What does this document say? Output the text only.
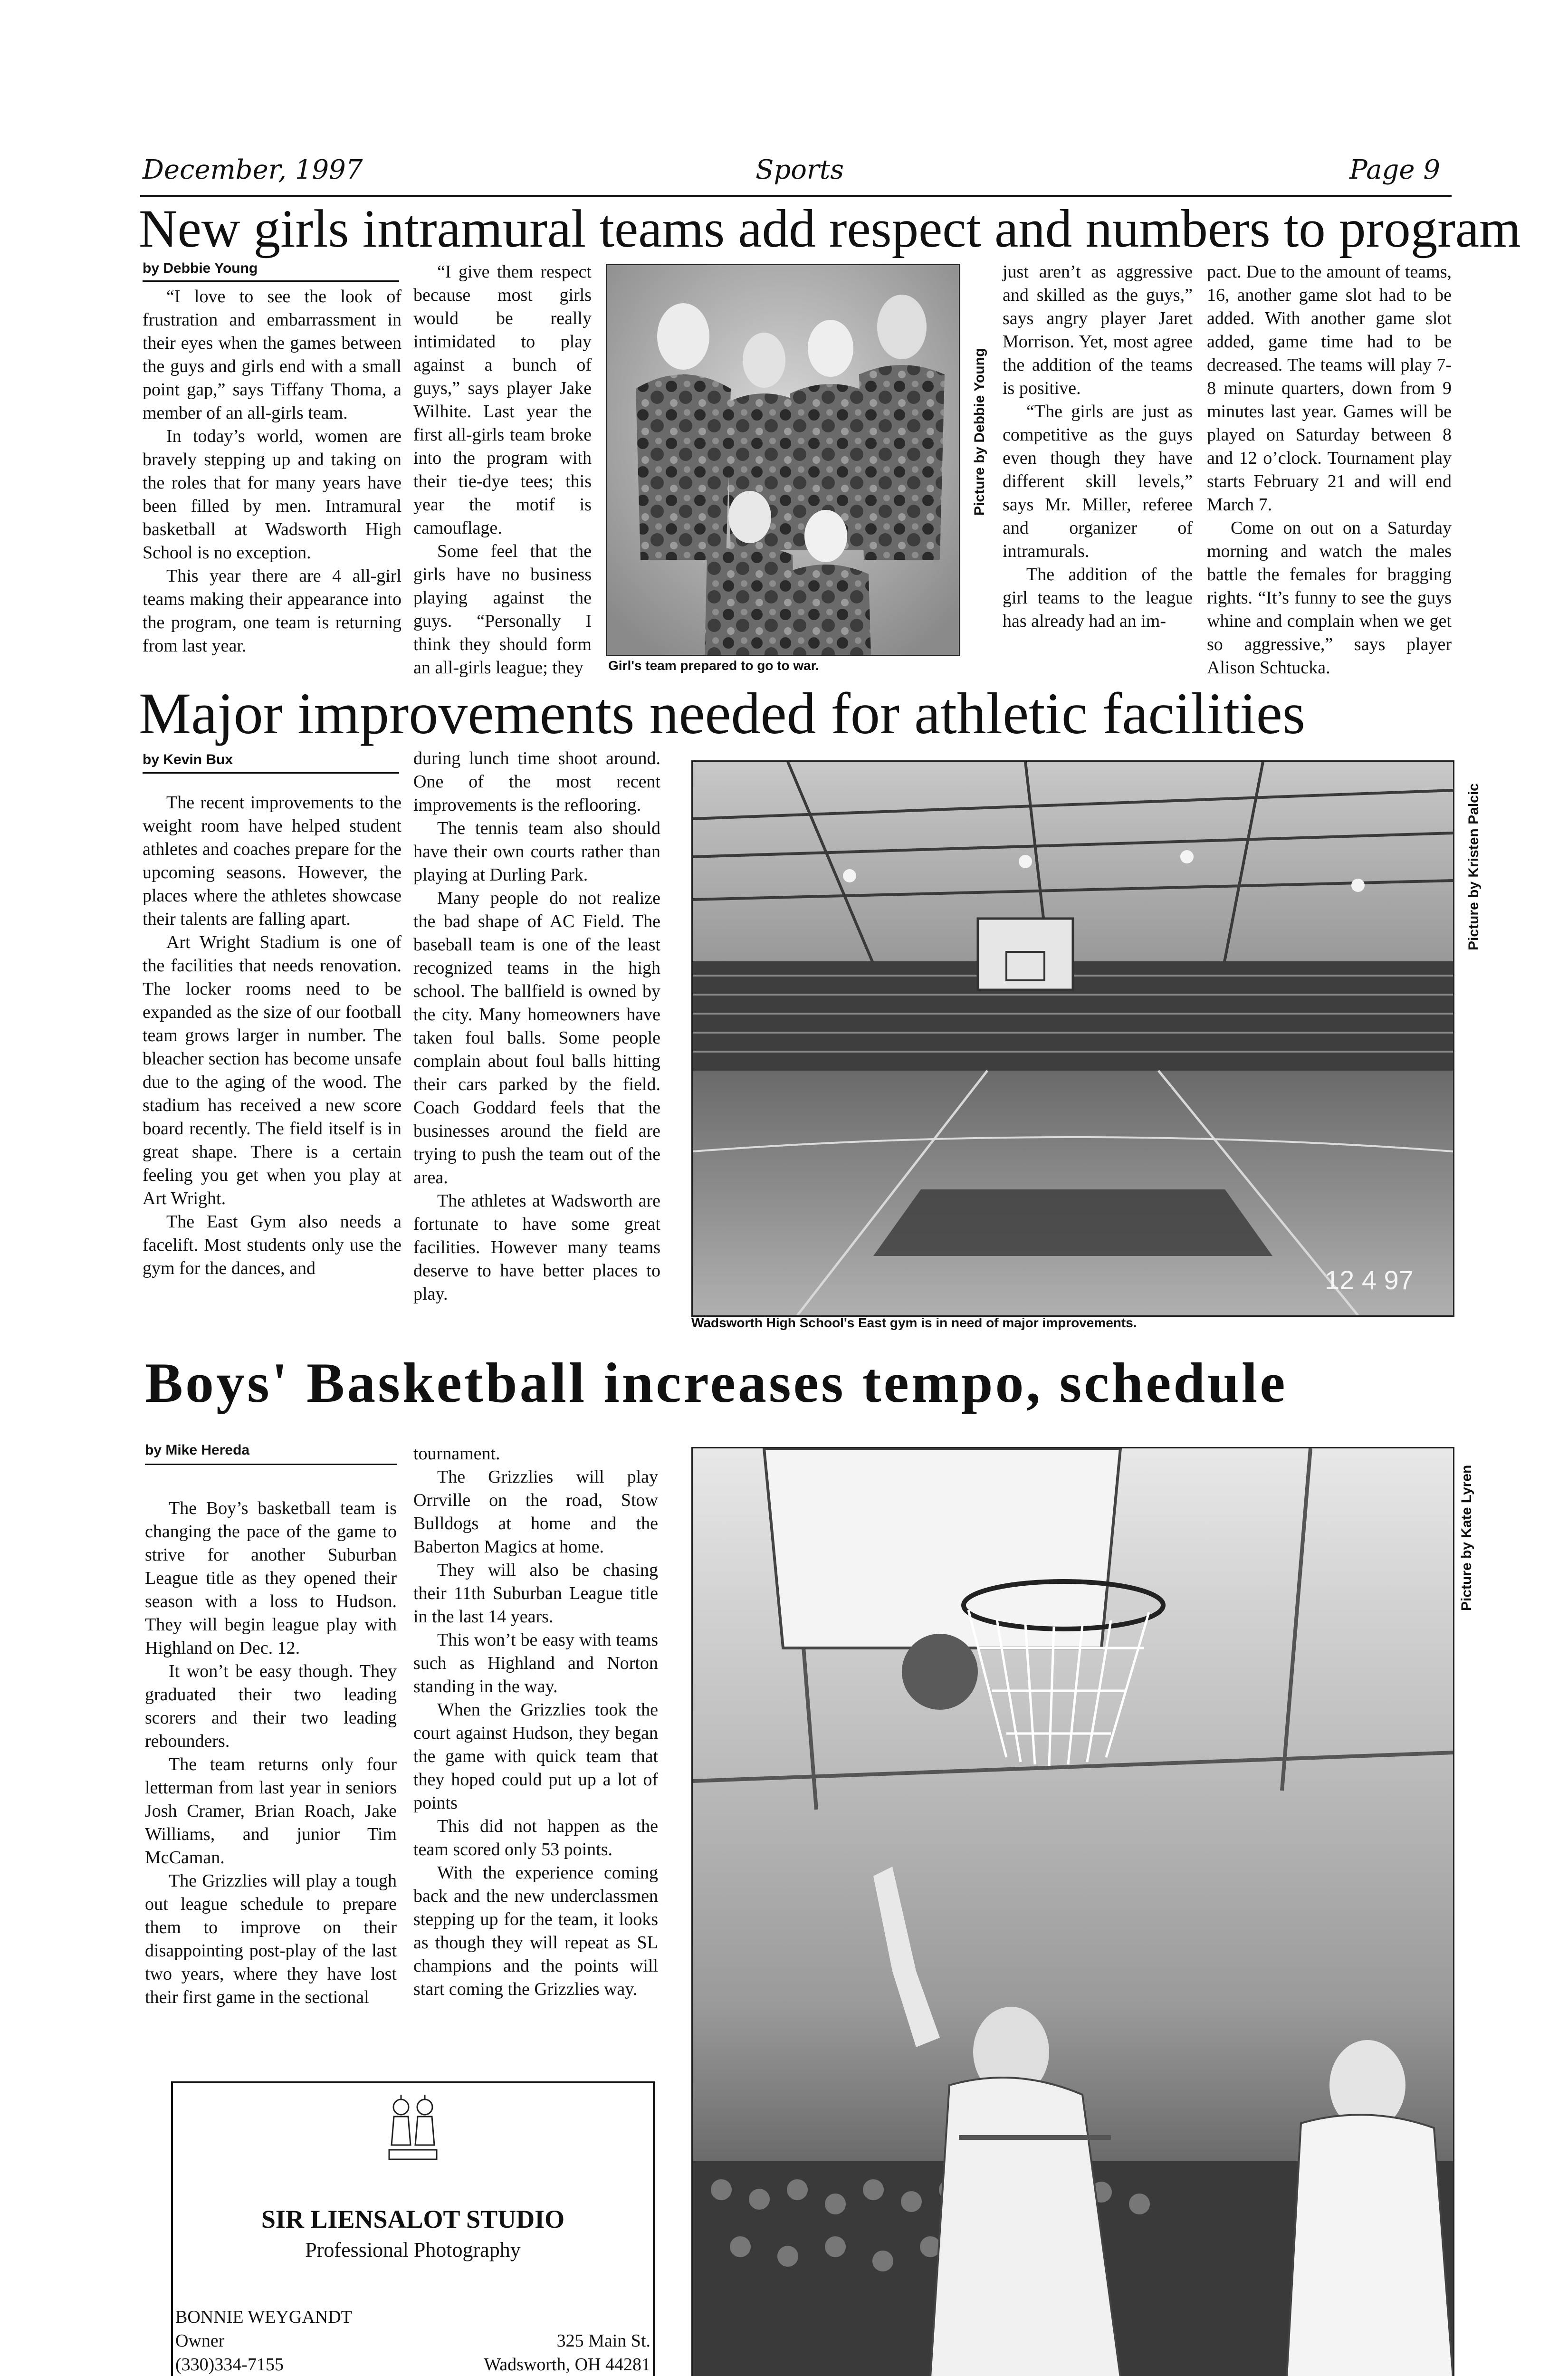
December, 1997	Sports	Page 9
New girls intramural teams add respect and numbers to program
by Debbie Young

“I love to see the look of frustration and embarrassment in their eyes when the games between the guys and girls end with a small point gap,” says Tiffany Thoma, a member of an all-girls team.

In today’s world, women are bravely stepping up and taking on the roles that for many years have been filled by men. Intramural basketball at Wadsworth High School is no exception.

This year there are 4 all-girl teams making their appearance into the program, one team is returning from last year.

“I give them respect because most girls would be really intimidated to play against a bunch of guys,” says player Jake Wilhite. Last year the first all-girls team broke into the program with their tie-dye tees; this year the motif is camouflage.

Some feel that the girls have no business playing against the guys. “Personally I think they should form an all-girls league; they	Girl's team prepared to go to war.
Picture by Debbie Young

just aren’t as aggressive and skilled as the guys,” says angry player Jaret Morrison. Yet, most agree the addition of the teams is positive.

“The girls are just as competitive as the guys even though they have different skill levels,” says Mr. Miller, referee and organizer of intramurals.

The addition of the girl teams to the league has already had an im-

pact. Due to the amount of teams, 16, another game slot had to be added. With another game slot added, game time had to be decreased. The teams will play 7-8 minute quarters, down from 9 minutes last year. Games will be played on Saturday between 8 and 12 o’clock. Tournament play starts February 21 and will end March 7.

Come on out on a Saturday morning and watch the males battle the females for bragging rights. “It’s funny to see the guys whine and complain when we get so aggressive,” says player Alison Schtucka.

Major improvements needed for athletic facilities
by Kevin Bux

The recent improvements to the weight room have helped student athletes and coaches prepare for the upcoming seasons. However, the places where the athletes showcase their talents are falling apart.

Art Wright Stadium is one of the facilities that needs renovation. The locker rooms need to be expanded as the size of our football team grows larger in number. The bleacher section has become unsafe due to the aging of the wood. The stadium has received a new score board recently. The field itself is in great shape. There is a certain feeling you get when you play at Art Wright.

The East Gym also needs a facelift. Most students only use the gym for the dances, and

during lunch time shoot around. One of the most recent improvements is the reflooring.

The tennis team also should have their own courts rather than playing at Durling Park.

Many people do not realize the bad shape of AC Field. The baseball team is one of the least recognized teams in the high school. The ballfield is owned by the city. Many homeowners have taken foul balls. Some people complain about foul balls hitting their cars parked by the field. Coach Goddard feels that the businesses around the field are trying to push the team out of the area.

The athletes at Wadsworth are fortunate to have some great facilities. However many teams deserve to have better places to play.	12 4 97
Wadsworth High School's East gym is in need of major improvements.
Picture by Kristen Palcic
Boys' Basketball increases tempo, schedule
by Mike Hereda

The Boy’s basketball team is changing the pace of the game to strive for another Suburban League title as they opened their season with a loss to Hudson. They will begin league play with Highland on Dec. 12.

It won’t be easy though. They graduated their two leading scorers and their two leading rebounders.

The team returns only four letterman from last year in seniors Josh Cramer, Brian Roach, Jake Williams, and junior Tim McCaman.

The Grizzlies will play a tough out league schedule to prepare them to improve on their disappointing post-play of the last two years, where they have lost their first game in the sectional

tournament.

The Grizzlies will play Orrville on the road, Stow Bulldogs at home and the Baberton Magics at home.

They will also be chasing their 11th Suburban League title in the last 14 years.

This won’t be easy with teams such as Highland and Norton standing in the way.

When the Grizzlies took the court against Hudson, they began the game with quick team that they hoped could put up a lot of points

This did not happen as the team scored only 53 points.

With the experience coming back and the new underclassmen stepping up for the team, it looks as though they will repeat as SL champions and the points will start coming the Grizzlies way.

Picture by Kate Lyren
SIR LIENSALOT STUDIO
Professional Photography
BONNIE WEYGANDT
Owner
(330)334-7155
325 Main St.
Wadsworth, OH 44281
